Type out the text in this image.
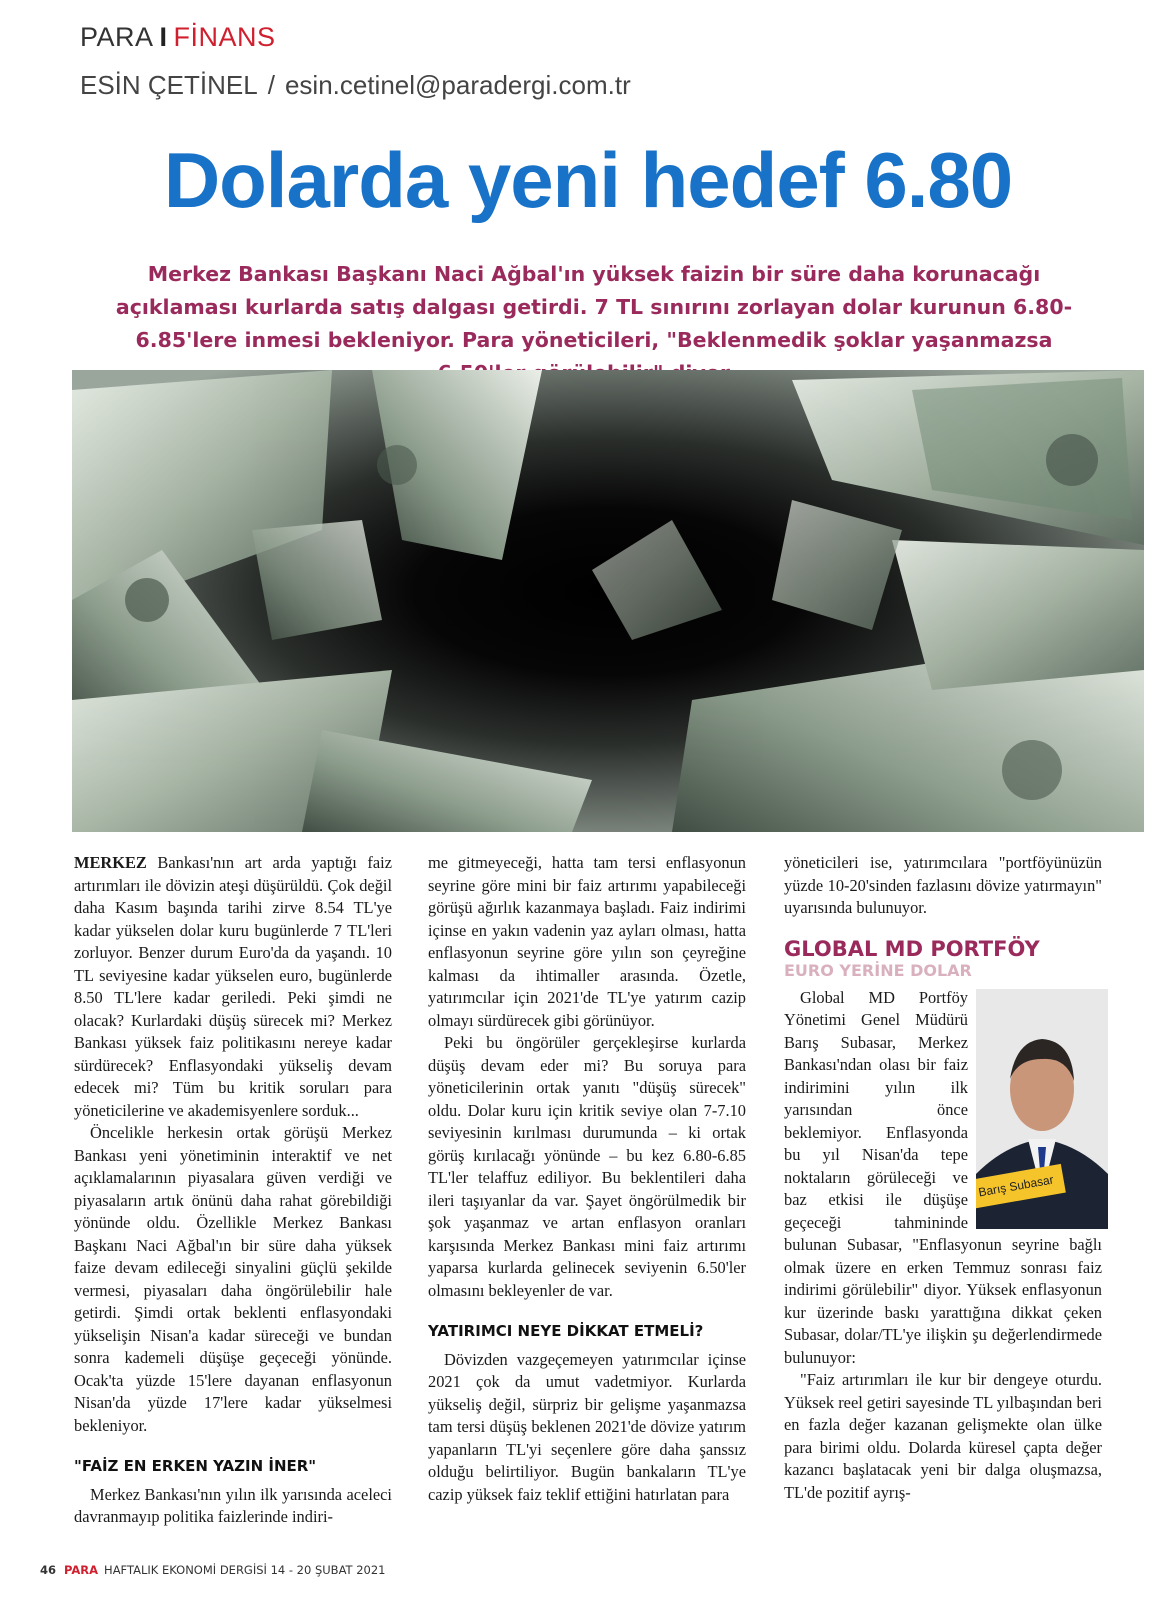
PARA I FİNANS
ESİN ÇETİNEL / esin.cetinel@paradergi.com.tr
Dolarda yeni hedef 6.80
Merkez Bankası Başkanı Naci Ağbal'ın yüksek faizin bir süre daha korunacağı açıklaması kurlarda satış dalgası getirdi. 7 TL sınırını zorlayan dolar kurunun 6.80-6.85'lere inmesi bekleniyor. Para yöneticileri, "Beklenmedik şoklar yaşanmazsa

MERKEZ Bankası'nın art arda yaptığı faiz artırımları ile dövizin ateşi düşürüldü. Çok değil daha Kasım başında tarihi zirve 8.54 TL'ye kadar yükselen dolar kuru bugünlerde 7 TL'leri zorluyor. Benzer durum Euro'da da yaşandı. 10 TL seviyesine kadar yükselen euro, bugünlerde 8.50 TL'lere kadar geriledi. Peki şimdi ne olacak? Kurlardaki düşüş sürecek mi? Merkez Bankası yüksek faiz politikasını nereye kadar sürdürecek? Enflasyondaki yükseliş devam edecek mi? Tüm bu kritik soruları para yöneticilerine ve akademisyenlere sorduk...

Öncelikle herkesin ortak görüşü Merkez Bankası yeni yönetiminin interaktif ve net açıklamalarının piyasalara güven verdiği ve piyasaların artık önünü daha rahat görebildiği yönünde oldu. Özellikle Merkez Bankası Başkanı Naci Ağbal'ın bir süre daha yüksek faize devam edileceği sinyalini güçlü şekilde vermesi, piyasaları daha öngörülebilir hale getirdi. Şimdi ortak beklenti enflasyondaki yükselişin Nisan'a kadar süreceği ve bundan sonra kademeli düşüşe geçeceği yönünde. Ocak'ta yüzde 15'lere dayanan enflasyonun Nisan'da yüzde 17'lere kadar yükselmesi bekleniyor.

"FAİZ EN ERKEN YAZIN İNER"

Merkez Bankası'nın yılın ilk yarısında aceleci davranmayıp politika faizlerinde indiri-

me gitmeyeceği, hatta tam tersi enflasyonun seyrine göre mini bir faiz artırımı yapabileceği görüşü ağırlık kazanmaya başladı. Faiz indirimi içinse en yakın vadenin yaz ayları olması, hatta enflasyonun seyrine göre yılın son çeyreğine kalması da ihtimaller arasında. Özetle, yatırımcılar için 2021'de TL'ye yatırım cazip olmayı sürdürecek gibi görünüyor.

Peki bu öngörüler gerçekleşirse kurlarda düşüş devam eder mi? Bu soruya para yöneticilerinin ortak yanıtı "düşüş sürecek" oldu. Dolar kuru için kritik seviye olan 7-7.10 seviyesinin kırılması durumunda – ki ortak görüş kırılacağı yönünde – bu kez 6.80-6.85 TL'ler telaffuz ediliyor. Bu beklentileri daha ileri taşıyanlar da var. Şayet öngörülmedik bir şok yaşanmaz ve artan enflasyon oranları karşısında Merkez Bankası mini faiz artırımı yaparsa kurlarda gelinecek seviyenin 6.50'ler olmasını bekleyenler de var.

YATIRIMCI NEYE DİKKAT ETMELİ?

Dövizden vazgeçemeyen yatırımcılar içinse 2021 çok da umut vadetmiyor. Kurlarda yükseliş değil, sürpriz bir gelişme yaşanmazsa tam tersi düşüş beklenen 2021'de dövize yatırım yapanların TL'yi seçenlere göre daha şanssız olduğu belirtiliyor. Bugün bankaların TL'ye cazip yüksek faiz teklif ettiğini hatırlatan para

yöneticileri ise, yatırımcılara "portföyünüzün yüzde 10-20'sinden fazlasını dövize yatırmayın" uyarısında bulunuyor.

GLOBAL MD PORTFÖY
EURO YERİNE DOLAR
Barış Subasar

Global MD Portföy Yönetimi Genel Müdürü Barış Subasar, Merkez Bankası'ndan olası bir faiz indirimini yılın ilk yarısından önce beklemiyor. Enflasyonda bu yıl Nisan'da tepe noktaların görüleceği ve baz etkisi ile düşüşe geçeceği tahmininde bulunan Subasar, "Enflasyonun seyrine bağlı olmak üzere en erken Temmuz sonrası faiz indirimi görülebilir" diyor. Yüksek enflasyonun kur üzerinde baskı yarattığına dikkat çeken Subasar, dolar/TL'ye ilişkin şu değerlendirmede bulunuyor:

"Faiz artırımları ile kur bir dengeye oturdu. Yüksek reel getiri sayesinde TL yılbaşından beri en fazla değer kazanan gelişmekte olan ülke para birimi oldu. Dolarda küresel çapta değer kazancı başlatacak yeni bir dalga oluşmazsa, TL'de pozitif ayrış-

46 PARA HAFTALIK EKONOMİ DERGİSİ 14 - 20 ŞUBAT 2021
